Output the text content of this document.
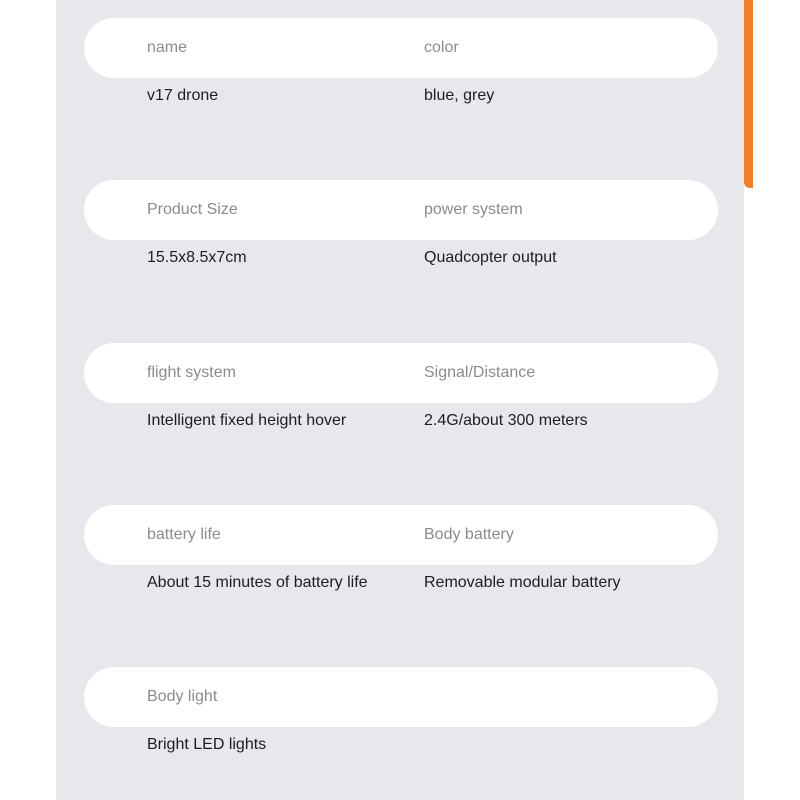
name	color
v17 drone	blue, grey
Product Size	power system
15.5x8.5x7cm	Quadcopter output
flight system	Signal/Distance
Intelligent fixed height hover	2.4G/about 300 meters
battery life	Body battery
About 15 minutes of battery life	Removable modular battery
Body light
Bright LED lights
